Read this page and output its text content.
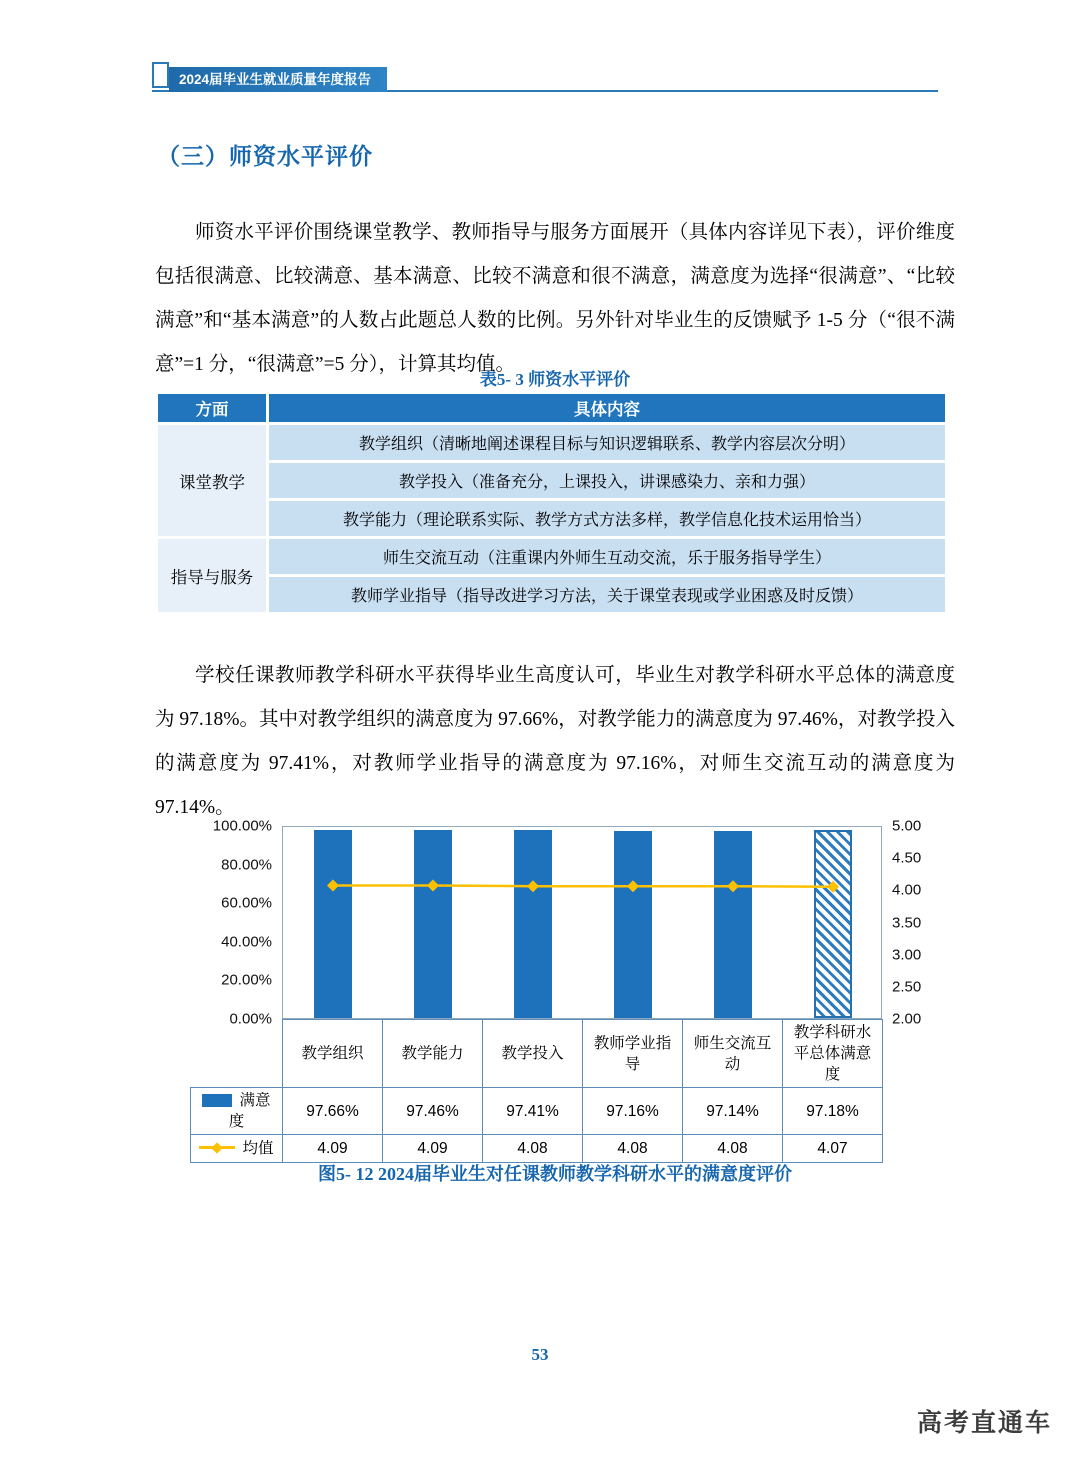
2024届毕业生就业质量年度报告
（三）师资水平评价

师资水平评价围绕课堂教学、教师指导与服务方面展开（具体内容详见下表），评价维度包括很满意、比较满意、基本满意、比较不满意和很不满意，满意度为选择“很满意”、“比较满意”和“基本满意”的人数占此题总人数的比例。另外针对毕业生的反馈赋予 1-5 分（“很不满意”=1 分，“很满意”=5 分），计算其均值。

表5- 3 师资水平评价
方面	具体内容
课堂教学	教学组织（清晰地阐述课程目标与知识逻辑联系、教学内容层次分明）
	教学投入（准备充分，上课投入，讲课感染力、亲和力强）
	教学能力（理论联系实际、教学方式方法多样，教学信息化技术运用恰当）
指导与服务	师生交流互动（注重课内外师生互动交流，乐于服务指导学生）
	教师学业指导（指导改进学习方法，关于课堂表现或学业困惑及时反馈）

学校任课教师教学科研水平获得毕业生高度认可，毕业生对教学科研水平总体的满意度为 97.18%。其中对教学组织的满意度为 97.66%，对教学能力的满意度为 97.46%，对教学投入的满意度为 97.41%，对教师学业指导的满意度为 97.16%，对师生交流互动的满意度为 97.14%。

100.00%
80.00%
60.00%
40.00%
20.00%
0.00%
5.00
4.50
4.00
3.50
3.00
2.50
2.00
	教学组织	教学能力	教学投入	教师学业指导	师生交流互动	教学科研水平总体满意度
满意度	97.66%	97.46%	97.41%	97.16%	97.14%	97.18%

均值	4.09	4.09	4.08	4.08	4.08	4.07
图5- 12 2024届毕业生对任课教师教学科研水平的满意度评价
53
高考直通车
